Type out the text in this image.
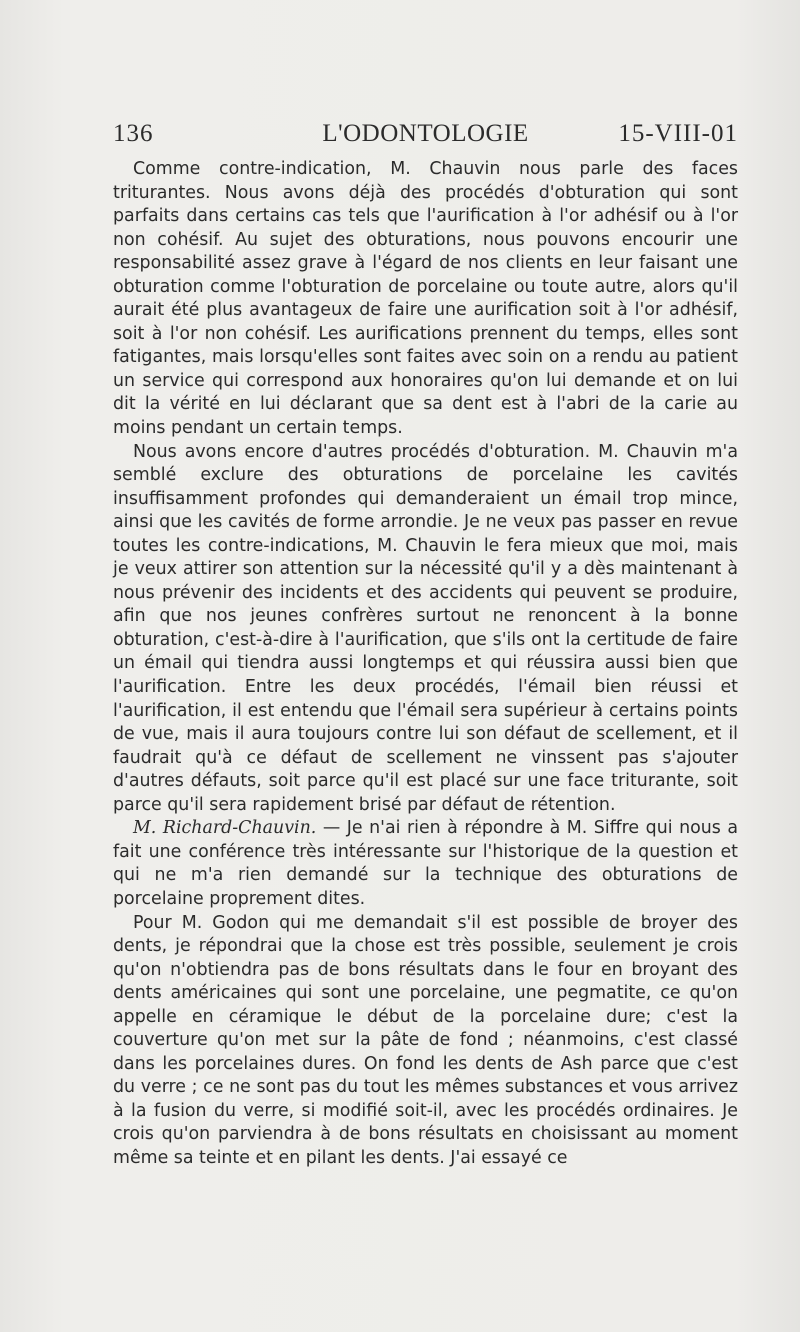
136	L'ODONTOLOGIE	15-VIII-01

Comme contre-indication, M. Chauvin nous parle des faces triturantes. Nous avons déjà des procédés d'obturation qui sont parfaits dans certains cas tels que l'aurification à l'or adhésif ou à l'or non cohésif. Au sujet des obturations, nous pouvons encourir une responsabilité assez grave à l'égard de nos clients en leur faisant une obturation comme l'obturation de porcelaine ou toute autre, alors qu'il aurait été plus avantageux de faire une aurification soit à l'or adhésif, soit à l'or non cohésif. Les aurifications prennent du temps, elles sont fatigantes, mais lorsqu'elles sont faites avec soin on a rendu au patient un service qui correspond aux honoraires qu'on lui demande et on lui dit la vérité en lui déclarant que sa dent est à l'abri de la carie au moins pendant un certain temps.

Nous avons encore d'autres procédés d'obturation. M. Chauvin m'a semblé exclure des obturations de porcelaine les cavités insuffisamment profondes qui demanderaient un émail trop mince, ainsi que les cavités de forme arrondie. Je ne veux pas passer en revue toutes les contre-indications, M. Chauvin le fera mieux que moi, mais je veux attirer son attention sur la nécessité qu'il y a dès maintenant à nous prévenir des incidents et des accidents qui peuvent se produire, afin que nos jeunes confrères surtout ne renoncent à la bonne obturation, c'est-à-dire à l'aurification, que s'ils ont la certitude de faire un émail qui tiendra aussi longtemps et qui réussira aussi bien que l'aurification. Entre les deux procédés, l'émail bien réussi et l'aurification, il est entendu que l'émail sera supérieur à certains points de vue, mais il aura toujours contre lui son défaut de scellement, et il faudrait qu'à ce défaut de scellement ne vinssent pas s'ajouter d'autres défauts, soit parce qu'il est placé sur une face triturante, soit parce qu'il sera rapidement brisé par défaut de rétention.

M. Richard-Chauvin. — Je n'ai rien à répondre à M. Siffre qui nous a fait une conférence très intéressante sur l'historique de la question et qui ne m'a rien demandé sur la technique des obturations de porcelaine proprement dites.

Pour M. Godon qui me demandait s'il est possible de broyer des dents, je répondrai que la chose est très possible, seulement je crois qu'on n'obtiendra pas de bons résultats dans le four en broyant des dents américaines qui sont une porcelaine, une pegmatite, ce qu'on appelle en céramique le début de la porcelaine dure; c'est la couverture qu'on met sur la pâte de fond ; néanmoins, c'est classé dans les porcelaines dures. On fond les dents de Ash parce que c'est du verre ; ce ne sont pas du tout les mêmes substances et vous arrivez à la fusion du verre, si modifié soit-il, avec les procédés ordinaires. Je crois qu'on parviendra à de bons résultats en choisissant au moment même sa teinte et en pilant les dents. J'ai essayé ce
